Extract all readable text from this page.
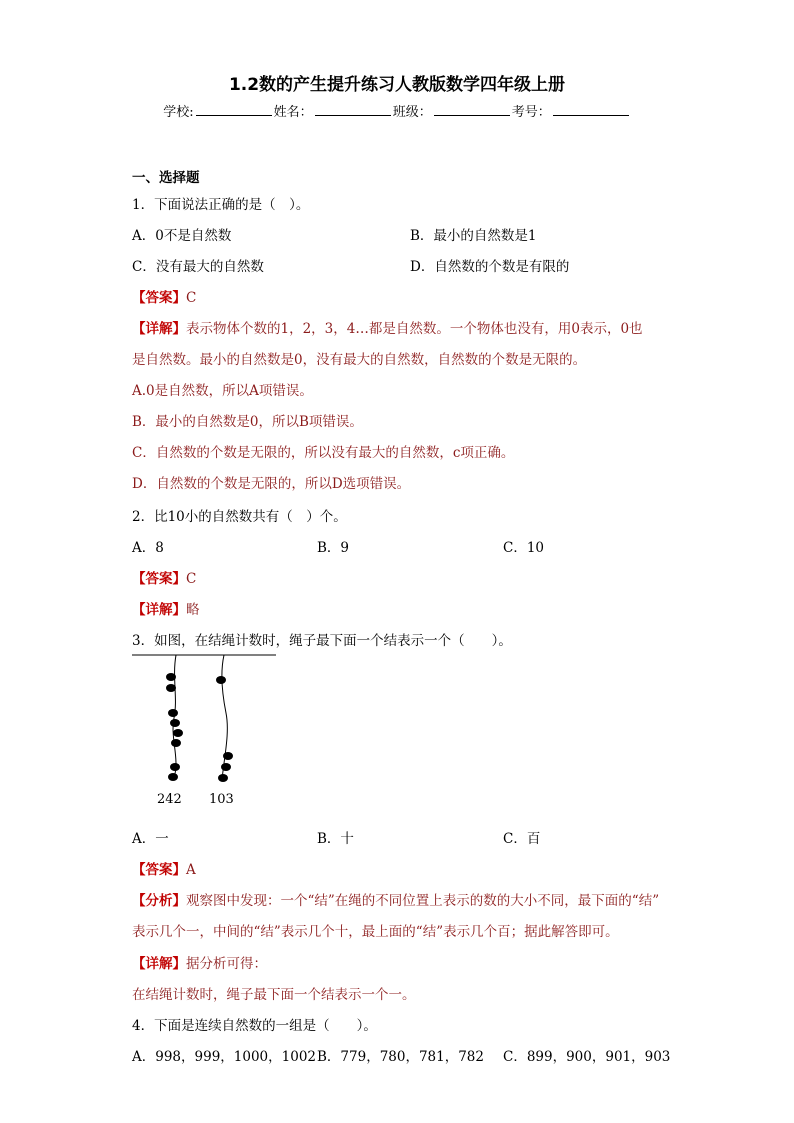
1.2数的产生提升练习人教版数学四年级上册
学校:	姓名：	班级：	考号：
一、选择题
1．下面说法正确的是（　）。
A．0不是自然数	B．最小的自然数是1
C．没有最大的自然数	D．自然数的个数是有限的
【答案】C
【详解】表示物体个数的1，2，3，4…都是自然数。一个物体也没有，用0表示，0也
是自然数。最小的自然数是0，没有最大的自然数，自然数的个数是无限的。
A.0是自然数，所以A项错误。
B．最小的自然数是0，所以B项错误。
C．自然数的个数是无限的，所以没有最大的自然数，c项正确。
D．自然数的个数是无限的，所以D选项错误。
2．比10小的自然数共有（　）个。
A．8	B．9	C．10
【答案】C
【详解】略
3．如图，在结绳计数时，绳子最下面一个结表示一个（　　）。
242 103
A．一	B．十	C．百
【答案】A
【分析】观察图中发现：一个“结”在绳的不同位置上表示的数的大小不同，最下面的“结”
表示几个一，中间的“结”表示几个十，最上面的“结”表示几个百；据此解答即可。
【详解】据分析可得：
在结绳计数时，绳子最下面一个结表示一个一。
4．下面是连续自然数的一组是（　　）。
A．998，999，1000，1002 B．779，780，781，782 C．899，900，901，903
